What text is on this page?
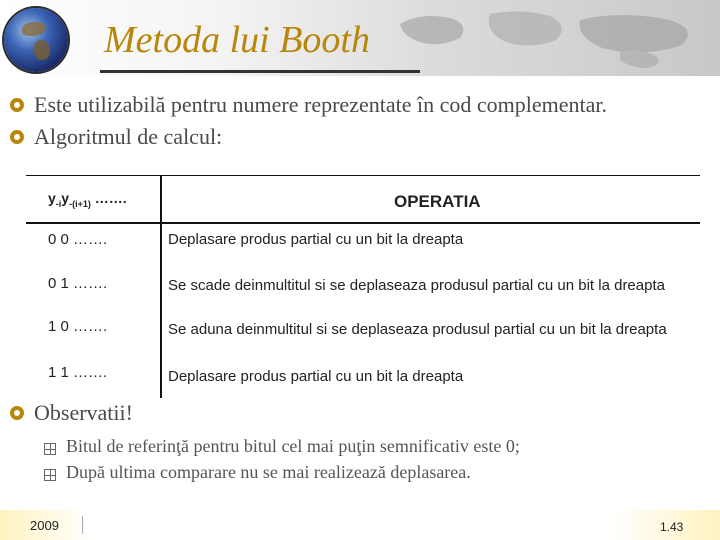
Metoda lui Booth
Este utilizabilă pentru numere reprezentate în cod complementar.
Algoritmul de calcul:
$y_{-i}y_{-(i+1)}$ …….	OPERATIA
0 0 …….	Deplasare produs partial cu un bit la dreapta
0 1 …….	Se scade deinmultitul si se deplaseaza produsul partial cu un bit la dreapta
1 0 …….	Se aduna deinmultitul si se deplaseaza produsul partial cu un bit la dreapta
1 1 …….	Deplasare produs partial cu un bit la dreapta
Observatii!
Bitul de referinţă pentru bitul cel mai puţin semnificativ este 0;
După ultima comparare nu se mai realizează deplasarea.
2009	1.43
